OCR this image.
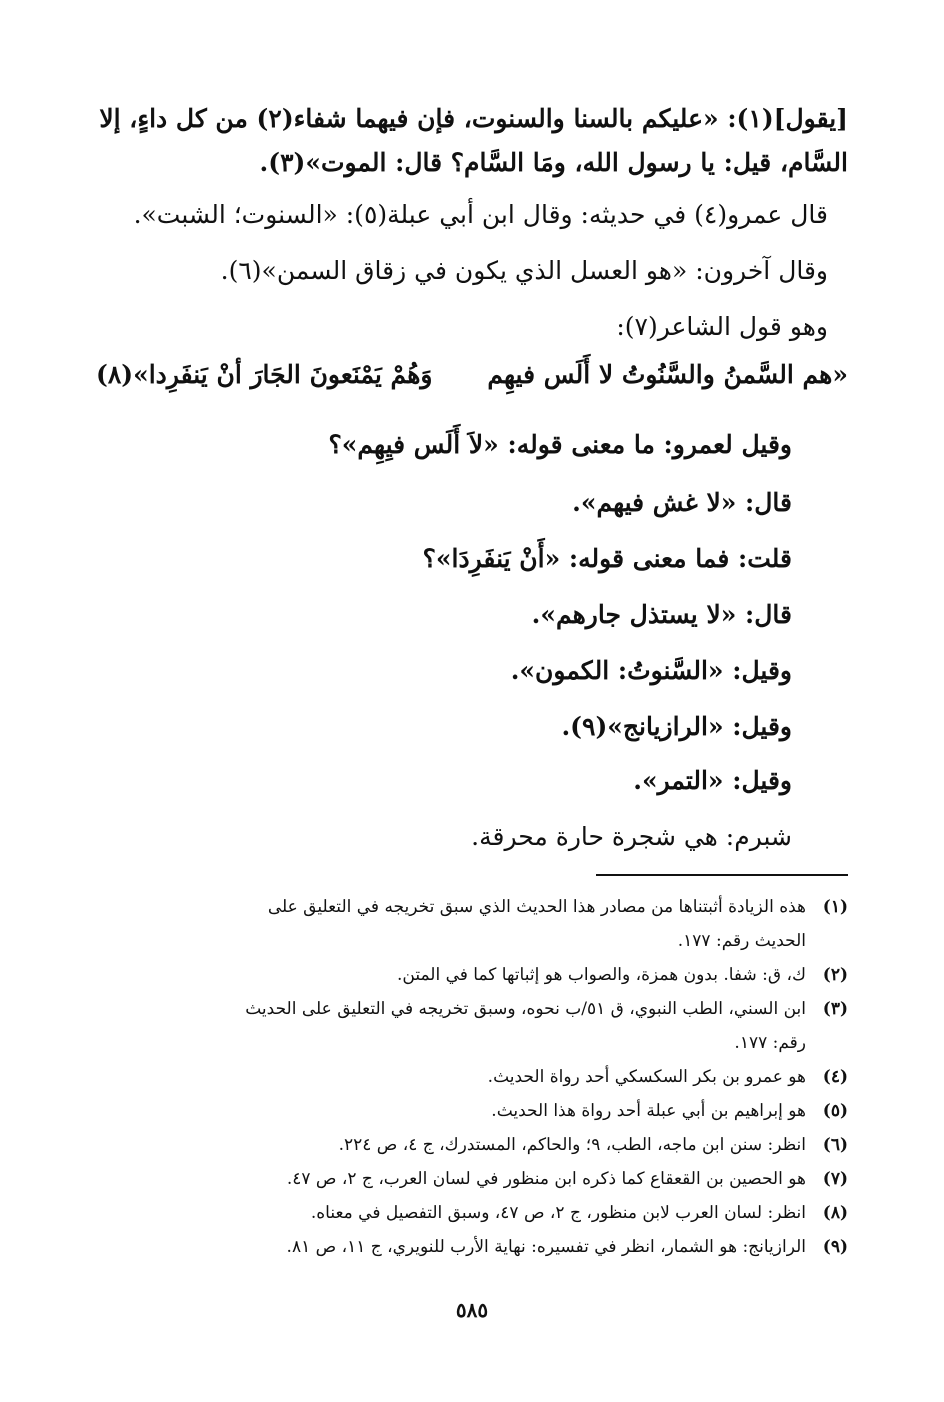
[يقول](١): «عليكم بالسنا والسنوت، فإن فيهما شفاء(٢) من كل داءٍ، إلا
السَّام، قيل: يا رسول الله، ومَا السَّام؟ قال: الموت»(٣).
قال عمرو(٤) في حديثه: وقال ابن أبي عبلة(٥): «السنوت؛ الشبت».
وقال آخرون: «هو العسل الذي يكون في زقاق السمن»(٦).
وهو قول الشاعر(٧):
«هم السَّمنُ والسَّنُوتُ لا أَلَس فيهِم
وَهُمْ يَمْنَعونَ الجَارَ أنْ يَنفَرِدا»(٨)
وقيل لعمرو: ما معنى قوله: «لاَ أَلَس فيِهِم»؟
قال: «لا غش فيهم».
قلت: فما معنى قوله: «أَنْ يَنفَرِدَا»؟
قال: «لا يستذل جارهم».
وقيل: «السَّنوتُ: الكمون».
وقيل: «الرازيانج»(٩).
وقيل: «التمر».
شبرم: هي شجرة حارة محرقة.
(١)
هذه الزيادة أثبتناها من مصادر هذا الحديث الذي سبق تخريجه في التعليق على
الحديث رقم: ١٧٧.
(٢)
ك، ق: شفا. بدون همزة، والصواب هو إثباتها كما في المتن.
(٣)
ابن السني، الطب النبوي، ق ٥١/ب نحوه، وسبق تخريجه في التعليق على الحديث
رقم: ١٧٧.
(٤)
هو عمرو بن بكر السكسكي أحد رواة الحديث.
(٥)
هو إبراهيم بن أبي عبلة أحد رواة هذا الحديث.
(٦)
انظر: سنن ابن ماجه، الطب، ٩؛ والحاكم، المستدرك، ج ٤، ص ٢٢٤.
(٧)
هو الحصين بن القعقاع كما ذكره ابن منظور في لسان العرب، ج ٢، ص ٤٧.
(٨)
انظر: لسان العرب لابن منظور، ج ٢، ص ٤٧، وسبق التفصيل في معناه.
(٩)
الرازيانج: هو الشمار، انظر في تفسيره: نهاية الأرب للنويري، ج ١١، ص ٨١.
٥٨٥
